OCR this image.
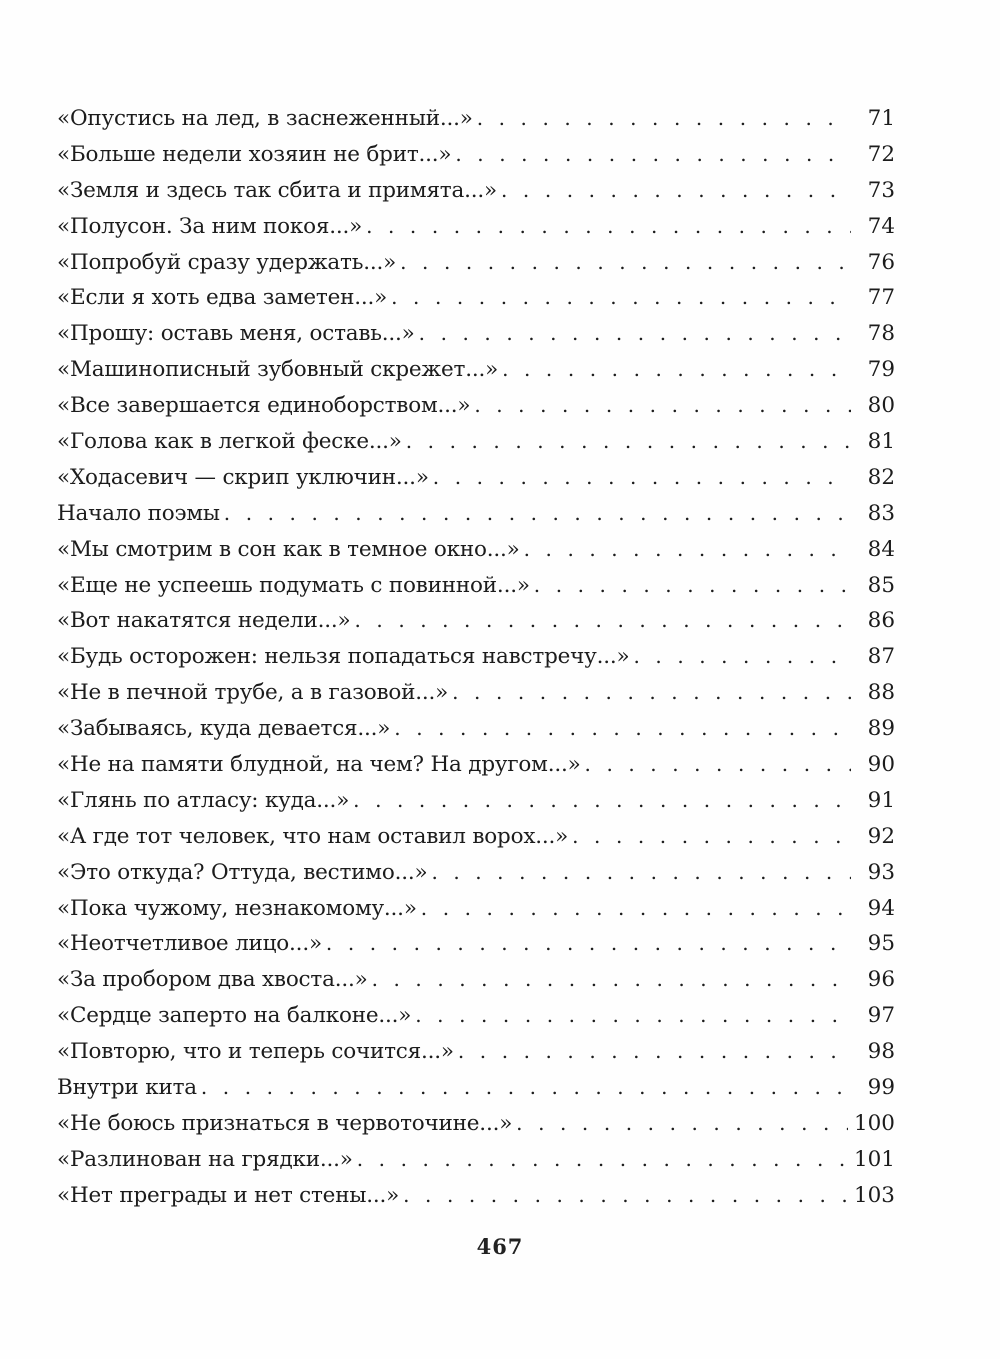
«Опустись на лед, в заснеженный...» . . .	71
«Больше недели хозяин не брит...» . . .	72
«Земля и здесь так сбита и примята...» . . .	73
«Полусон. За ним покоя...» . . .	74
«Попробуй сразу удержать...» . . .	76
«Если я хоть едва заметен...» . . .	77
«Прошу: оставь меня, оставь...» . . .	78
«Машинописный зубовный скрежет...» . . .	79
«Все завершается единоборством...» . . .	80
«Голова как в легкой феске...» . . .	81
«Ходасевич — скрип уключин...» . . .	82
Начало поэмы . . .	83
«Мы смотрим в сон как в темное окно...» . . .	84
«Еще не успеешь подумать с повинной...» . . .	85
«Вот накатятся недели...» . . .	86
«Будь осторожен: нельзя попадаться навстречу...» . . .	87
«Не в печной трубе, а в газовой...» . . .	88
«Забываясь, куда девается...» . . .	89
«Не на памяти блудной, на чем? На другом...» . . .	90
«Глянь по атласу: куда...» . . .	91
«А где тот человек, что нам оставил ворох...» . . .	92
«Это откуда? Оттуда, вестимо...» . . .	93
«Пока чужому, незнакомому...» . . .	94
«Неотчетливое лицо...» . . .	95
«За пробором два хвоста...» . . .	96
«Сердце заперто на балконе...» . . .	97
«Повторю, что и теперь сочится...» . . .	98
Внутри кита . . .	99
«Не боюсь признаться в червоточине...» . . .	100
«Разлинован на грядки...» . . .	101
«Нет преграды и нет стены...» . . .	103
467
